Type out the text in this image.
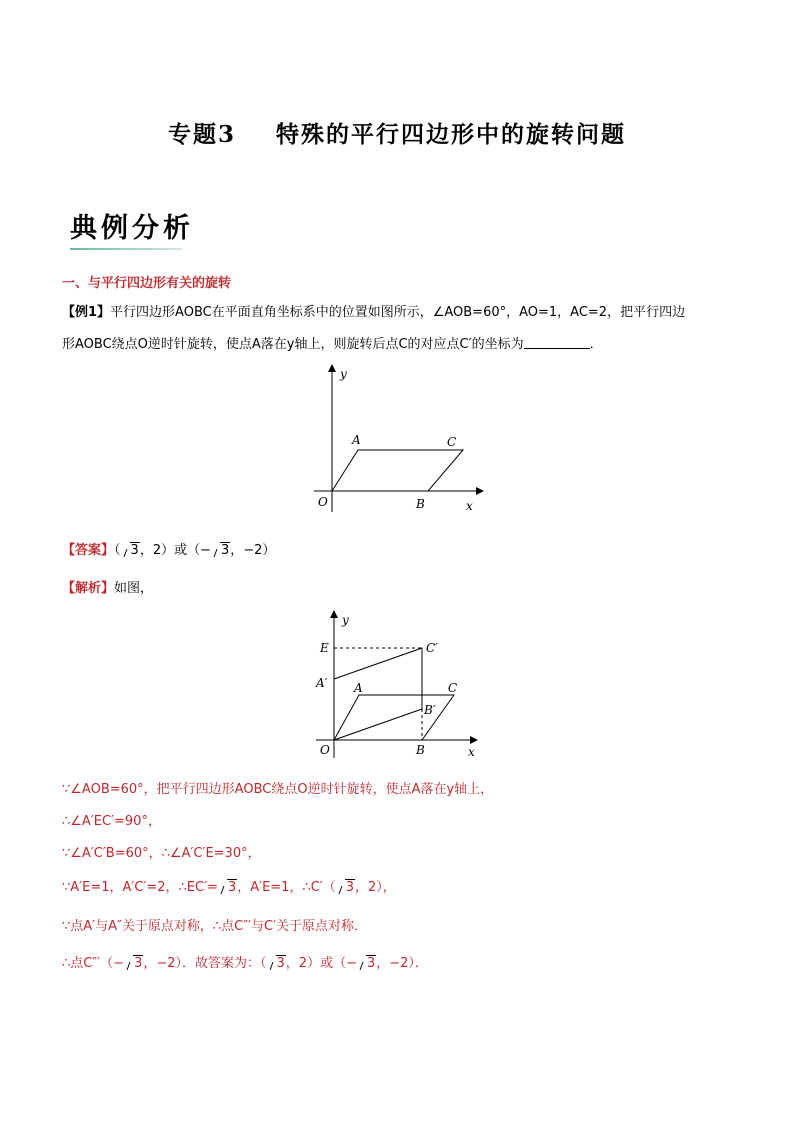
专题3 特殊的平行四边形中的旋转问题
典例分析
一、与平行四边形有关的旋转
【例1】平行四边形AOBC在平面直角坐标系中的位置如图所示，∠AOB=60°，AO=1，AC=2，把平行四边
形AOBC绕点O逆时针旋转，使点A落在y轴上，则旋转后点C的对应点C′的坐标为	．
y
x
O
A	C
B
【答案】（ 3，2）或（− 3，−2）
【解析】如图，
y
x
O
E
A′ A	C
C′
B′
B
∵∠AOB=60°，把平行四边形AOBC绕点O逆时针旋转，使点A落在y轴上，
∴∠A′EC′=90°，
∵∠A′C′B=60°，∴∠A′C′E=30°，
∵A′E=1，A′C′=2，∴EC′= 3，A′E=1，∴C′（ 3，2），
∵点A′与A″关于原点对称，∴点C″′与C′关于原点对称．
∴点C″′（− 3，−2）．故答案为：（ 3，2）或（− 3，−2）．
